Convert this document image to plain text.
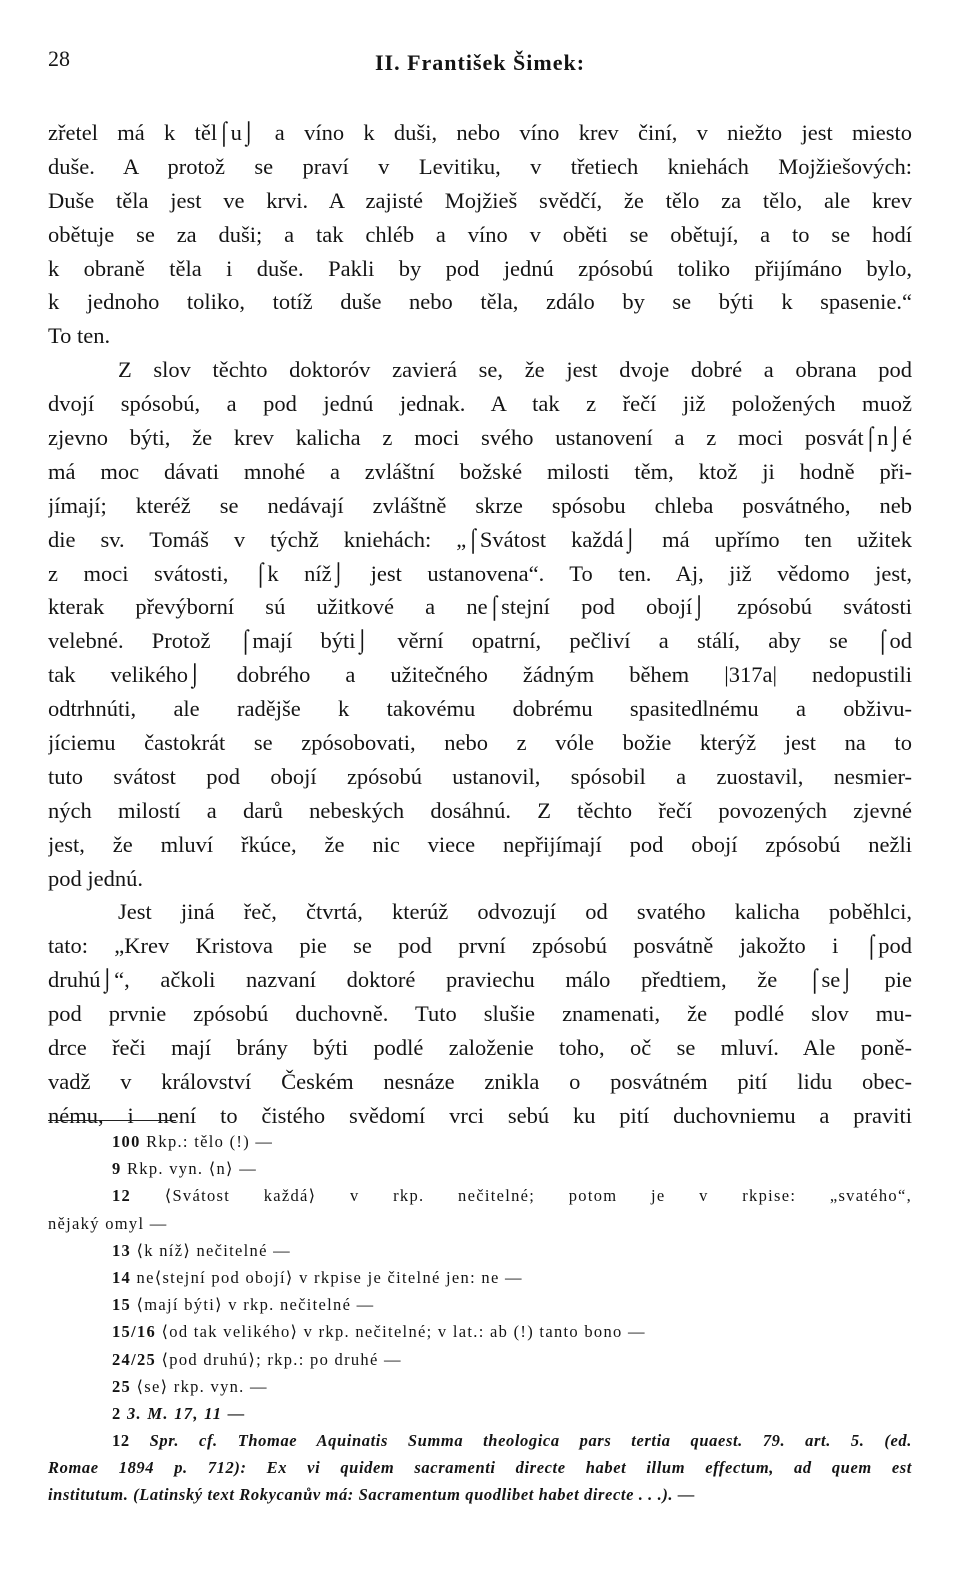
28	II. František Šimek:
zřetel má k těl⌠u⌡ a víno k duši, nebo víno krev činí, v niežto jest miesto
duše. A protož se praví v Levitiku, v třetiech kniehách Mojžiešových:
Duše těla jest ve krvi. A zajisté Mojžieš svědčí, že tělo za tělo, ale krev
obětuje se za duši; a tak chléb a víno v oběti se obětují, a to se hodí
k obraně těla i duše. Pakli by pod jednú zpósobú toliko přijímáno bylo,
k jednoho toliko, totíž duše nebo těla, zdálo by se býti k spasenie.“
To ten.
Z slov těchto doktoróv zavierá se, že jest dvoje dobré a obrana pod
dvojí spósobú, a pod jednú jednak. A tak z řečí již položených muož
zjevno býti, že krev kalicha z moci svého ustanovení a z moci posvát⌠n⌡é
má moc dávati mnohé a zvláštní božské milosti těm, ktož ji hodně při-
jímají; kteréž se nedávají zvláštně skrze spósobu chleba posvátného, neb
die sv. Tomáš v týchž kniehách: „⌠Svátost každá⌡ má upřímo ten užitek
z moci svátosti, ⌠k níž⌡ jest ustanovena“. To ten. Aj, již vědomo jest,
kterak převýborní sú užitkové a ne⌠stejní pod obojí⌡ zpósobú svátosti
velebné. Protož ⌠mají býti⌡ věrní opatrní, pečliví a stálí, aby se ⌠od
tak velikého⌡ dobrého a užitečného žádným během |317a| nedopustili
odtrhnúti, ale radějše k takovému dobrému spasitedlnému a obživu-
jíciemu častokrát se zpósobovati, nebo z vóle božie kterýž jest na to
tuto svátost pod obojí zpósobú ustanovil, spósobil a zuostavil, nesmier-
ných milostí a darů nebeských dosáhnú. Z těchto řečí povozených zjevné
jest, že mluví řkúce, že nic viece nepřijímají pod obojí zpósobú nežli
pod jednú.
Jest jiná řeč, čtvrtá, kterúž odvozují od svatého kalicha poběhlci,
tato: „Krev Kristova pie se pod první zpósobú posvátně jakožto i ⌠pod
druhú⌡“, ačkoli nazvaní doktoré praviechu málo předtiem, že ⌠se⌡ pie
pod prvnie zpósobú duchovně. Tuto slušie znamenati, že podlé slov mu-
drce řeči mají brány býti podlé založenie toho, oč se mluví. Ale poně-
vadž v království Českém nesnáze znikla o posvátném pití lidu obec-
nému, i není to čistého svědomí vrci sebú ku pití duchovniemu a praviti
100 Rkp.: tělo (!) —
9 Rkp. vyn. ⟨n⟩ —
12 ⟨Svátost každá⟩ v rkp. nečitelné; potom je v rkpise: „svatého“,
nějaký omyl —
13 ⟨k níž⟩ nečitelné —
14 ne⟨stejní pod obojí⟩ v rkpise je čitelné jen: ne —
15 ⟨mají býti⟩ v rkp. nečitelné —
15/16 ⟨od tak velikého⟩ v rkp. nečitelné; v lat.: ab (!) tanto bono —
24/25 ⟨pod druhú⟩; rkp.: po druhé —
25 ⟨se⟩ rkp. vyn. —
2 3. M. 17, 11 —
12 Spr. cf. Thomae Aquinatis Summa theologica pars tertia quaest. 79. art. 5. (ed.
Romae 1894 p. 712): Ex vi quidem sacramenti directe habet illum effectum, ad quem est
institutum. (Latinský text Rokycanův má: Sacramentum quodlibet habet directe . . .). —
